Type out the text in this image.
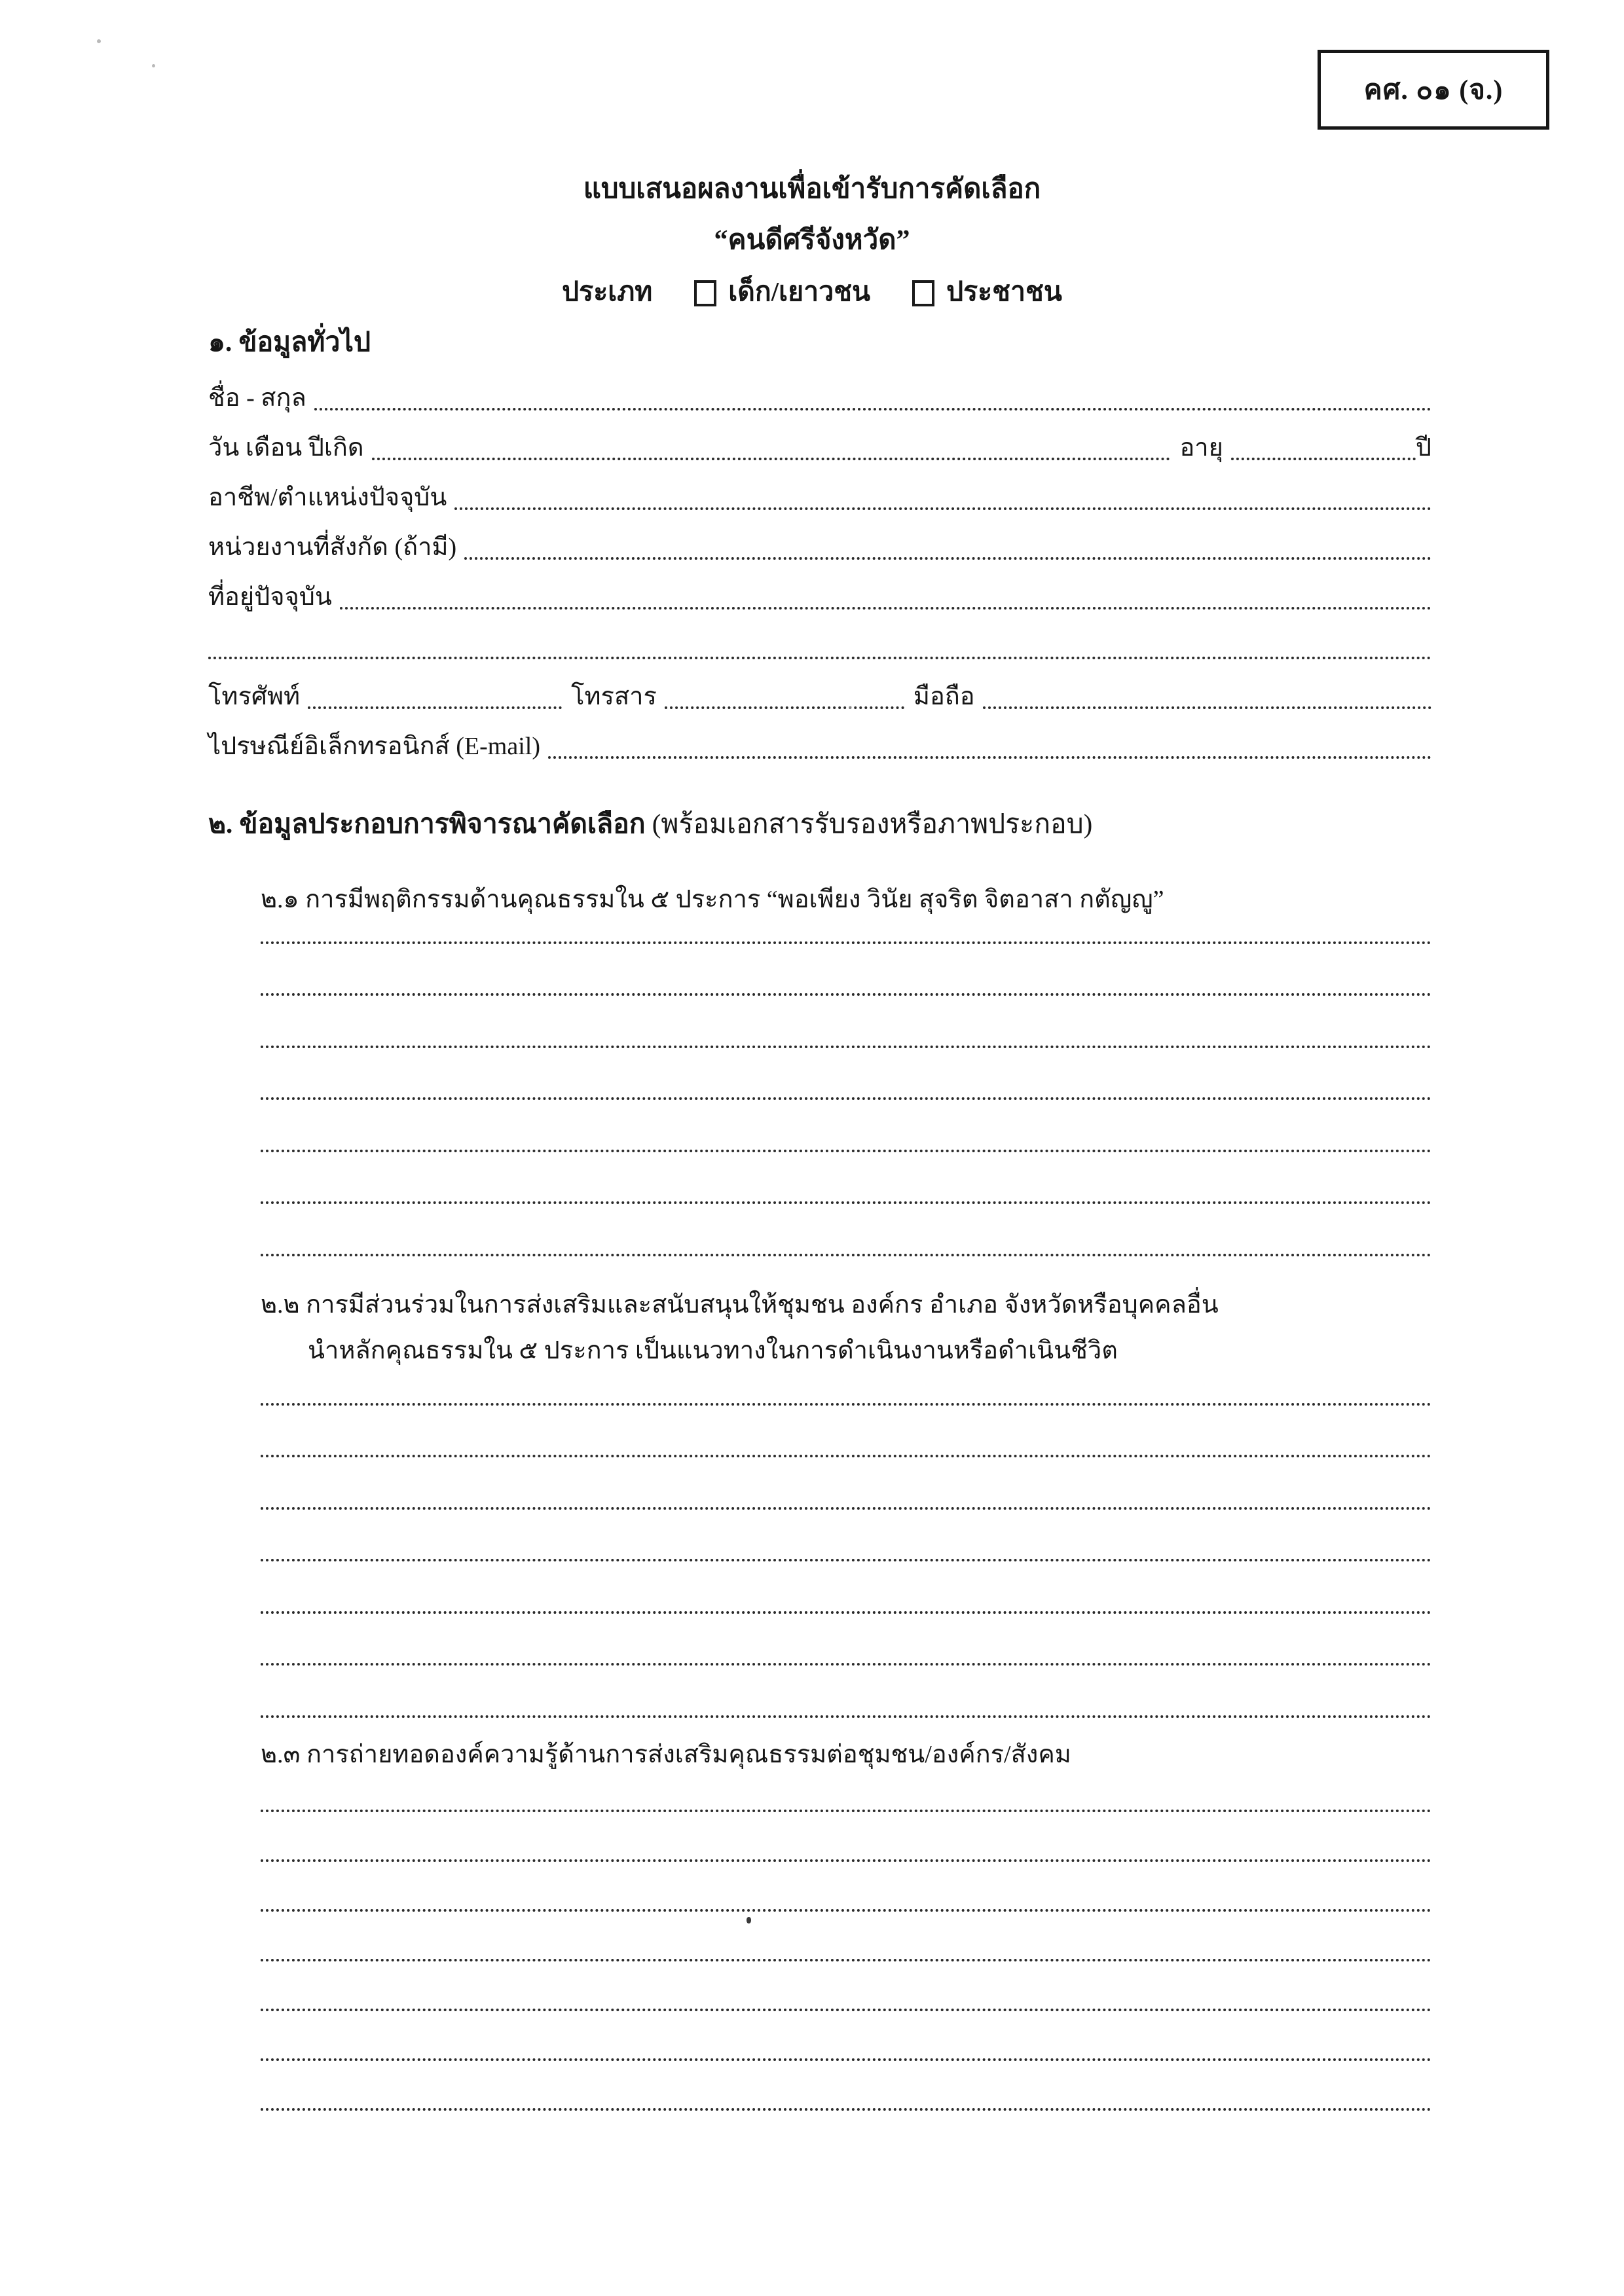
คศ. ๐๑ (จ.)
แบบเสนอผลงานเพื่อเข้ารับการคัดเลือก
“คนดีศรีจังหวัด”
ประเภท	เด็ก/เยาวชน	ประชาชน
๑. ข้อมูลทั่วไป
ชื่อ - สกุล
วัน เดือน ปีเกิด	อายุ	ปี
อาชีพ/ตำแหน่งปัจจุบัน
หน่วยงานที่สังกัด (ถ้ามี)
ที่อยู่ปัจจุบัน
โทรศัพท์	โทรสาร	มือถือ
ไปรษณีย์อิเล็กทรอนิกส์ (E-mail)
๒. ข้อมูลประกอบการพิจารณาคัดเลือก (พร้อมเอกสารรับรองหรือภาพประกอบ)
๒.๑ การมีพฤติกรรมด้านคุณธรรมใน ๕ ประการ “พอเพียง วินัย สุจริต จิตอาสา กตัญญู”
๒.๒ การมีส่วนร่วมในการส่งเสริมและสนับสนุนให้ชุมชน องค์กร อำเภอ จังหวัดหรือบุคคลอื่น
นำหลักคุณธรรมใน ๕ ประการ เป็นแนวทางในการดำเนินงานหรือดำเนินชีวิต
๒.๓ การถ่ายทอดองค์ความรู้ด้านการส่งเสริมคุณธรรมต่อชุมชน/องค์กร/สังคม
